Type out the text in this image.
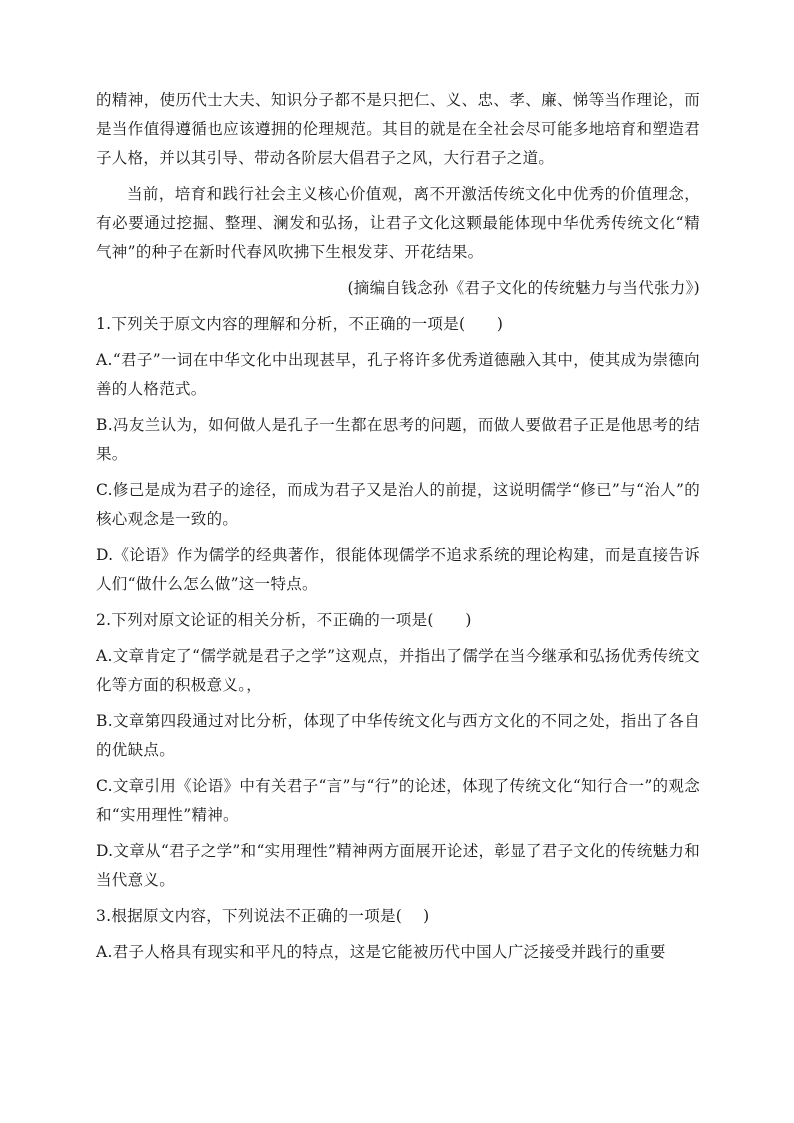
的精神，使历代士大夫、知识分子都不是只把仁、义、忠、孝、廉、悌等当作理论，而是当作值得遵循也应该遵拥的伦理规范。其目的就是在全社会尽可能多地培育和塑造君子人格，并以其引导、带动各阶层大倡君子之风，大行君子之道。

当前，培育和践行社会主义核心价值观，离不开激活传统文化中优秀的价值理念，有必要通过挖掘、整理、澜发和弘扬，让君子文化这颗最能体现中华优秀传统文化“精气神”的种子在新时代春风吹拂下生根发芽、开花结果。

(摘编自钱念孙《君子文化的传统魅力与当代张力》)

1.下列关于原文内容的理解和分析，不正确的一项是(　　)

A.“君子”一词在中华文化中出现甚早，孔子将许多优秀道德融入其中，使其成为崇德向善的人格范式。

B.冯友兰认为，如何做人是孔子一生都在思考的问题，而做人要做君子正是他思考的结果。

C.修己是成为君子的途径，而成为君子又是治人的前提，这说明儒学“修已”与“治人”的核心观念是一致的。

D.《论语》作为儒学的经典著作，很能体现儒学不追求系统的理论构建，而是直接告诉人们“做什么怎么做”这一特点。

2.下列对原文论证的相关分析，不正确的一项是(　　)

A.文章肯定了“儒学就是君子之学”这观点，并指出了儒学在当今继承和弘扬优秀传统文化等方面的积极意义。，

B.文章第四段通过对比分析，体现了中华传统文化与西方文化的不同之处，指出了各自的优缺点。

C.文章引用《论语》中有关君子“言”与“行”的论述，体现了传统文化“知行合一”的观念和“实用理性”精神。

D.文章从“君子之学”和“实用理性”精神两方面展开论述，彰显了君子文化的传统魅力和当代意义。

3.根据原文内容，下列说法不正确的一项是(　 )

A.君子人格具有现实和平凡的特点，这是它能被历代中国人广泛接受并践行的重要
